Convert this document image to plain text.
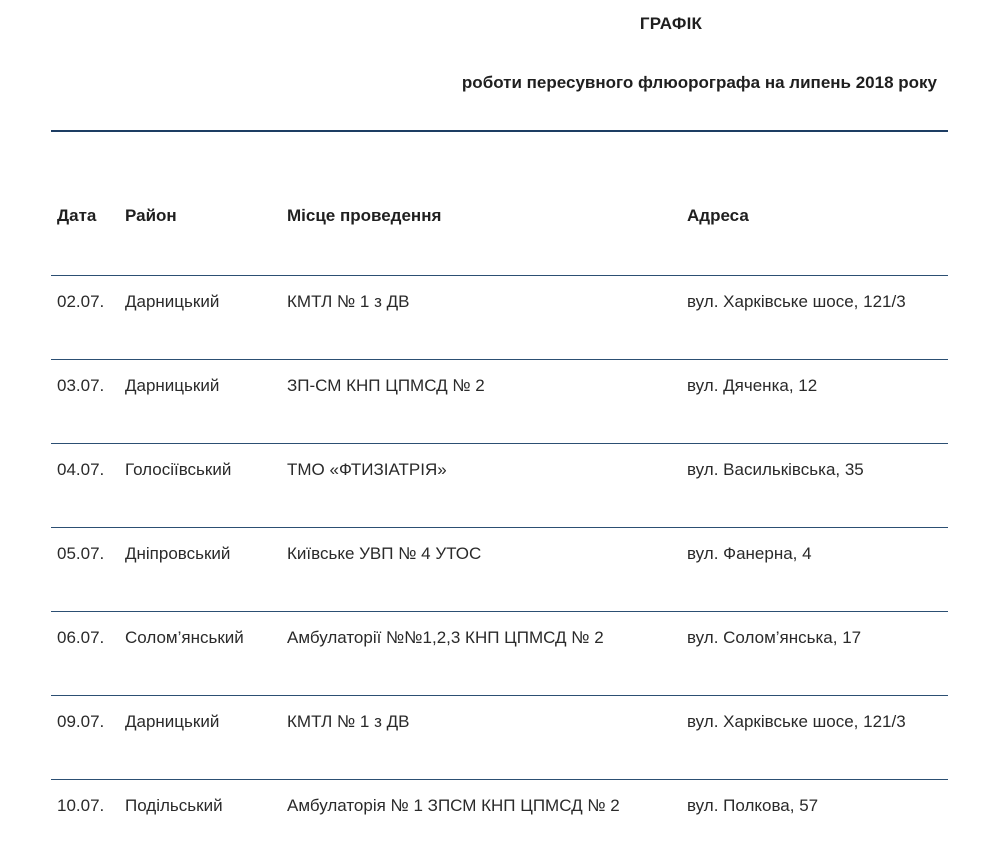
ГРАФІК
роботи пересувного флюорографа на липень 2018 року
Дата Район	Місце проведення	Адреса
02.07. Дарницький	КМТЛ № 1 з ДВ	вул. Харківське шосе, 121/3
03.07. Дарницький	ЗП-СМ КНП ЦПМСД № 2	вул. Дяченка, 12
04.07. Голосіївський	ТМО «ФТИЗІАТРІЯ»	вул. Васильківська, 35
05.07. Дніпровський	Київське УВП № 4 УТОС	вул. Фанерна, 4
06.07. Солом’янський	Амбулаторії №№1,2,3 КНП ЦПМСД № 2	вул. Солом’янська, 17
09.07. Дарницький	КМТЛ № 1 з ДВ	вул. Харківське шосе, 121/3
10.07. Подільський	Амбулаторія № 1 ЗПСМ КНП ЦПМСД № 2	вул. Полкова, 57
